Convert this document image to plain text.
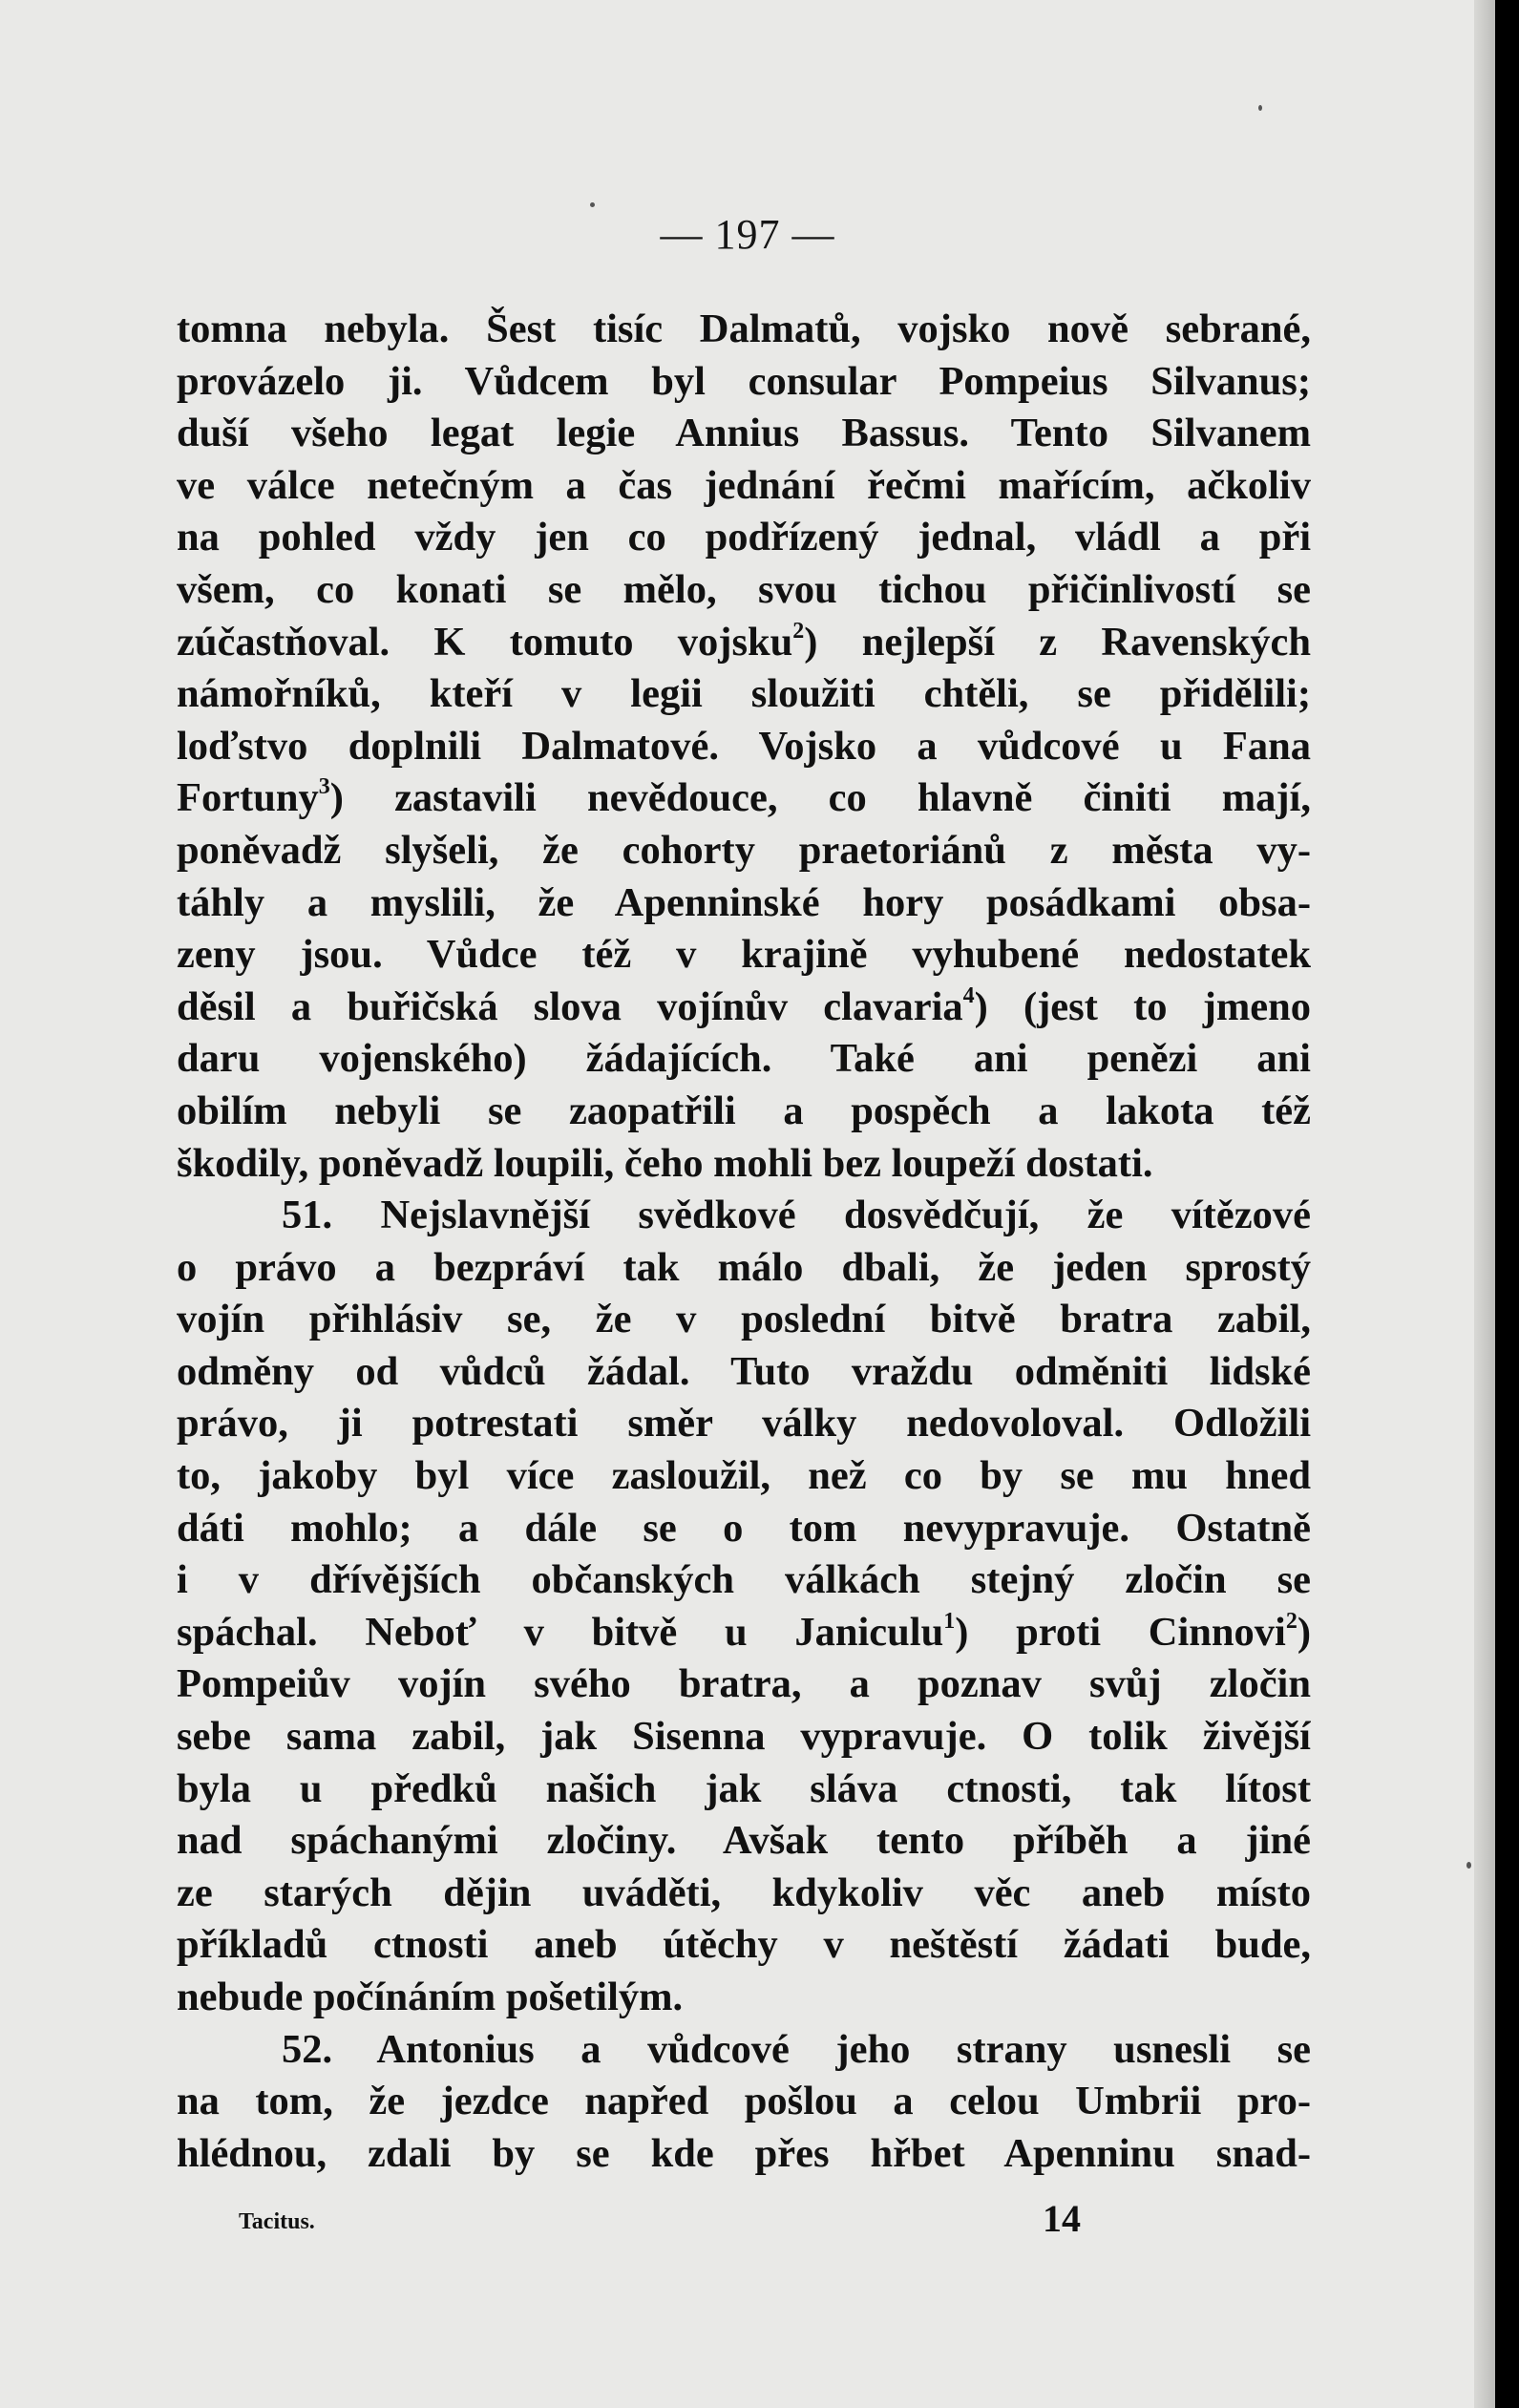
— 197 —
tomna nebyla. Šest tisíc Dalmatů, vojsko nově sebrané,
provázelo ji. Vůdcem byl consular Pompeius Silvanus;
duší všeho legat legie Annius Bassus. Tento Silvanem
ve válce netečným a čas jednání řečmi mařícím, ačkoliv
na pohled vždy jen co podřízený jednal, vládl a při
všem, co konati se mělo, svou tichou přičinlivostí se
zúčastňoval. K tomuto vojsku$^2$) nejlepší z Ravenských
námořníků, kteří v legii sloužiti chtěli, se přidělili;
loďstvo doplnili Dalmatové. Vojsko a vůdcové u Fana
Fortuny$^3$) zastavili nevědouce, co hlavně činiti mají,
poněvadž slyšeli, že cohorty praetoriánů z města vy-
táhly a myslili, že Apenninské hory posádkami obsa-
zeny jsou. Vůdce též v krajině vyhubené nedostatek
děsil a buřičská slova vojínův clavaria$^4$) (jest to jmeno
daru vojenského) žádajících. Také ani penězi ani
obilím nebyli se zaopatřili a pospěch a lakota též
škodily, poněvadž loupili, čeho mohli bez loupeží dostati.
51. Nejslavnější svědkové dosvědčují, že vítězové
o právo a bezpráví tak málo dbali, že jeden sprostý
vojín přihlásiv se, že v poslední bitvě bratra zabil,
odměny od vůdců žádal. Tuto vraždu odměniti lidské
právo, ji potrestati směr války nedovoloval. Odložili
to, jakoby byl více zasloužil, než co by se mu hned
dáti mohlo; a dále se o tom nevypravuje. Ostatně
i v dřívějších občanských válkách stejný zločin se
spáchal. Neboť v bitvě u Janiculu$^1$) proti Cinnovi$^2$)
Pompeiův vojín svého bratra, a poznav svůj zločin
sebe sama zabil, jak Sisenna vypravuje. O tolik živější
byla u předků našich jak sláva ctnosti, tak lítost
nad spáchanými zločiny. Avšak tento příběh a jiné
ze starých dějin uváděti, kdykoliv věc aneb místo
příkladů ctnosti aneb útěchy v neštěstí žádati bude,
nebude počínáním pošetilým.
52. Antonius a vůdcové jeho strany usnesli se
na tom, že jezdce napřed pošlou a celou Umbrii pro-
hlédnou, zdali by se kde přes hřbet Apenninu snad-
Tacitus.	14
